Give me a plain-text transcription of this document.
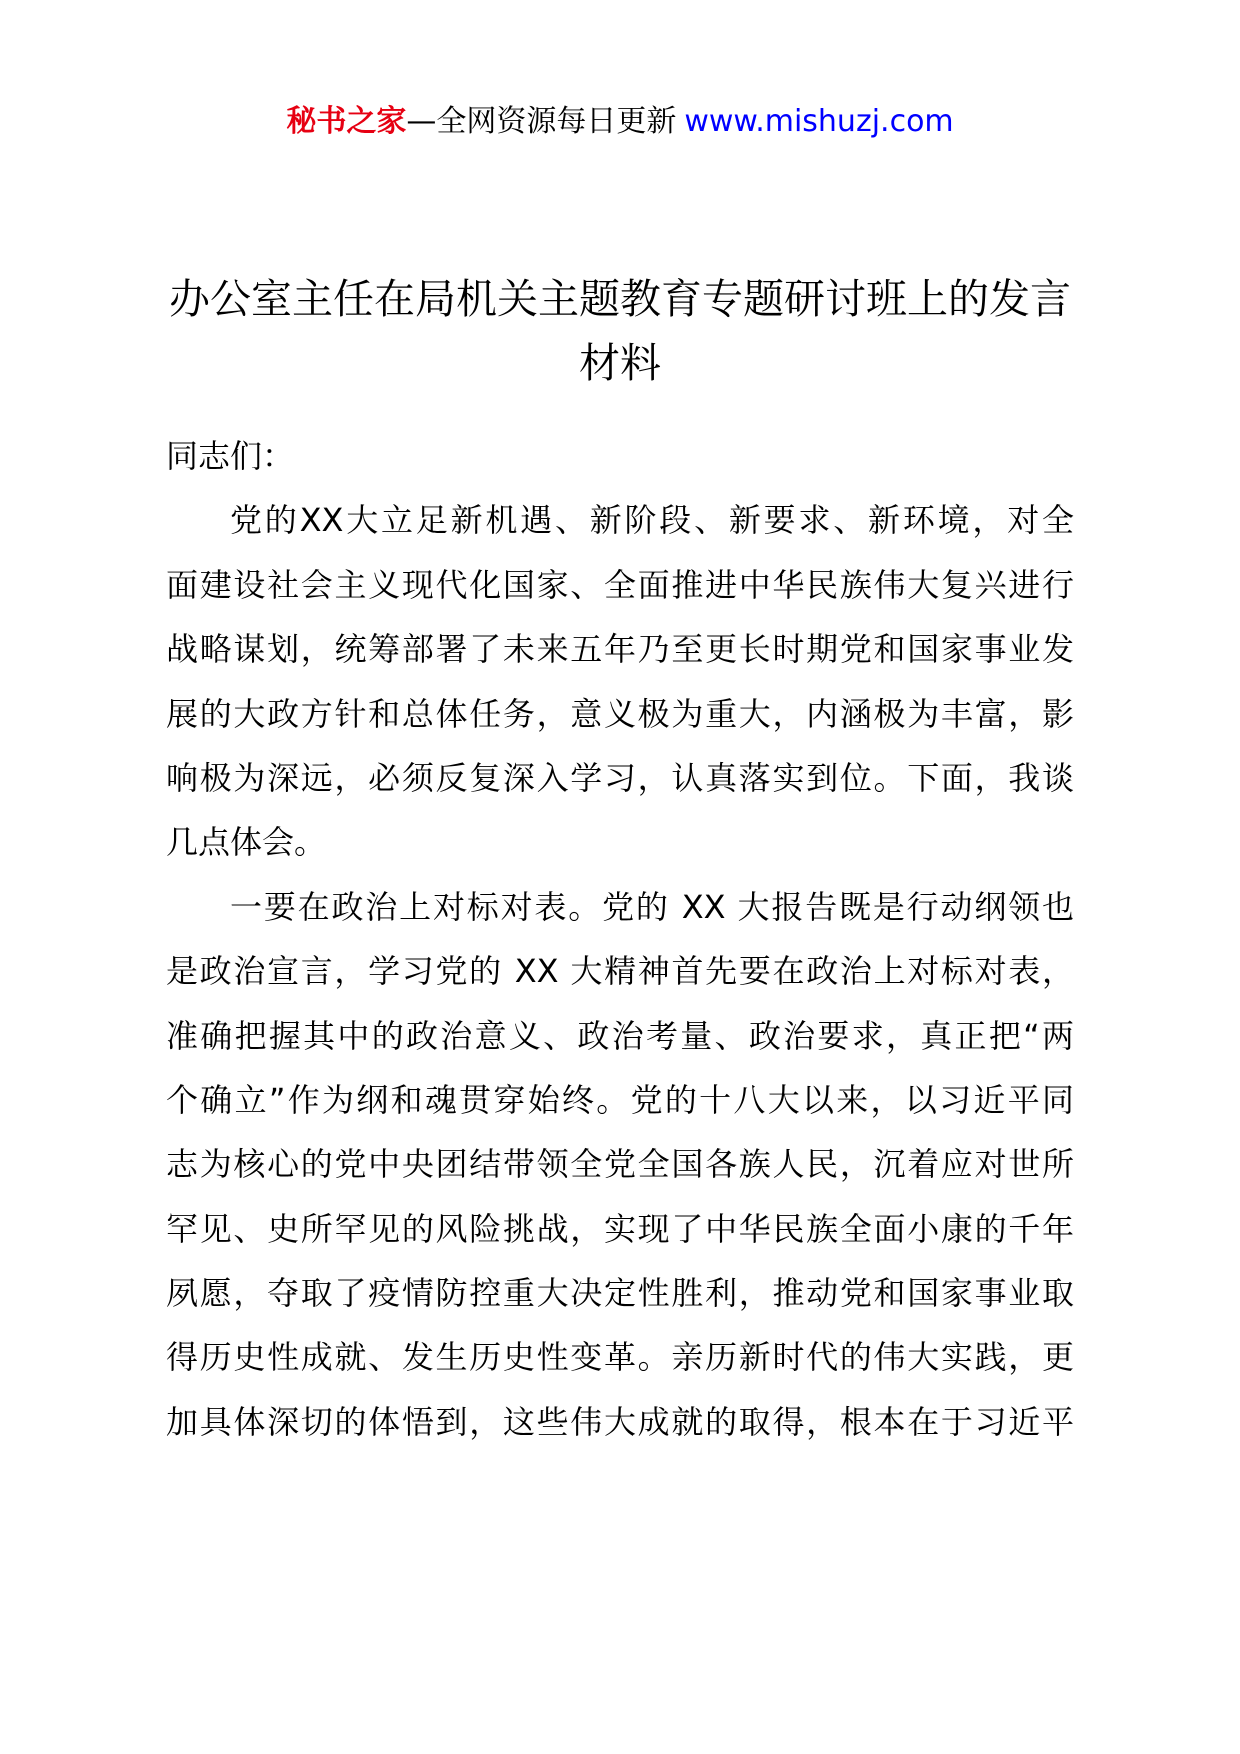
秘书之家—全网资源每日更新 www.mishuzj.com
办公室主任在局机关主题教育专题研讨班上的发言
材料
同志们：
党的XX大立足新机遇、新阶段、新要求、新环境，对全
面建设社会主义现代化国家、全面推进中华民族伟大复兴进行
战略谋划，统筹部署了未来五年乃至更长时期党和国家事业发
展的大政方针和总体任务，意义极为重大，内涵极为丰富，影
响极为深远，必须反复深入学习，认真落实到位。下面，我谈
几点体会。
一要在政治上对标对表。党的 XX 大报告既是行动纲领也
是政治宣言，学习党的 XX 大精神首先要在政治上对标对表，
准确把握其中的政治意义、政治考量、政治要求，真正把“两
个确立”作为纲和魂贯穿始终。党的十八大以来，以习近平同
志为核心的党中央团结带领全党全国各族人民，沉着应对世所
罕见、史所罕见的风险挑战，实现了中华民族全面小康的千年
夙愿，夺取了疫情防控重大决定性胜利，推动党和国家事业取
得历史性成就、发生历史性变革。亲历新时代的伟大实践，更
加具体深切的体悟到，这些伟大成就的取得，根本在于习近平
